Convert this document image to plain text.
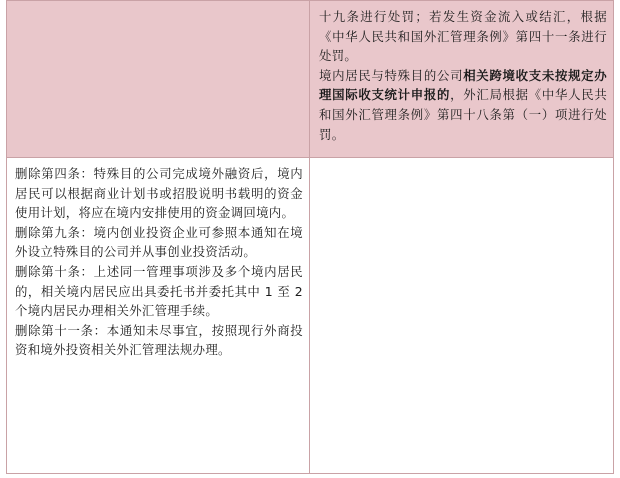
十九条进行处罚；若发生资金流入或结汇，根据《中华人民共和国外汇管理条例》第四十一条进行处罚。

境内居民与特殊目的公司相关跨境收支未按规定办理国际收支统计申报的，外汇局根据《中华人民共和国外汇管理条例》第四十八条第（一）项进行处罚。

删除第四条：特殊目的公司完成境外融资后，境内居民可以根据商业计划书或招股说明书载明的资金使用计划，将应在境内安排使用的资金调回境内。

删除第九条：境内创业投资企业可参照本通知在境外设立特殊目的公司并从事创业投资活动。

删除第十条：上述同一管理事项涉及多个境内居民的，相关境内居民应出具委托书并委托其中 1 至 2 个境内居民办理相关外汇管理手续。

删除第十一条：本通知未尽事宜，按照现行外商投资和境外投资相关外汇管理法规办理。
